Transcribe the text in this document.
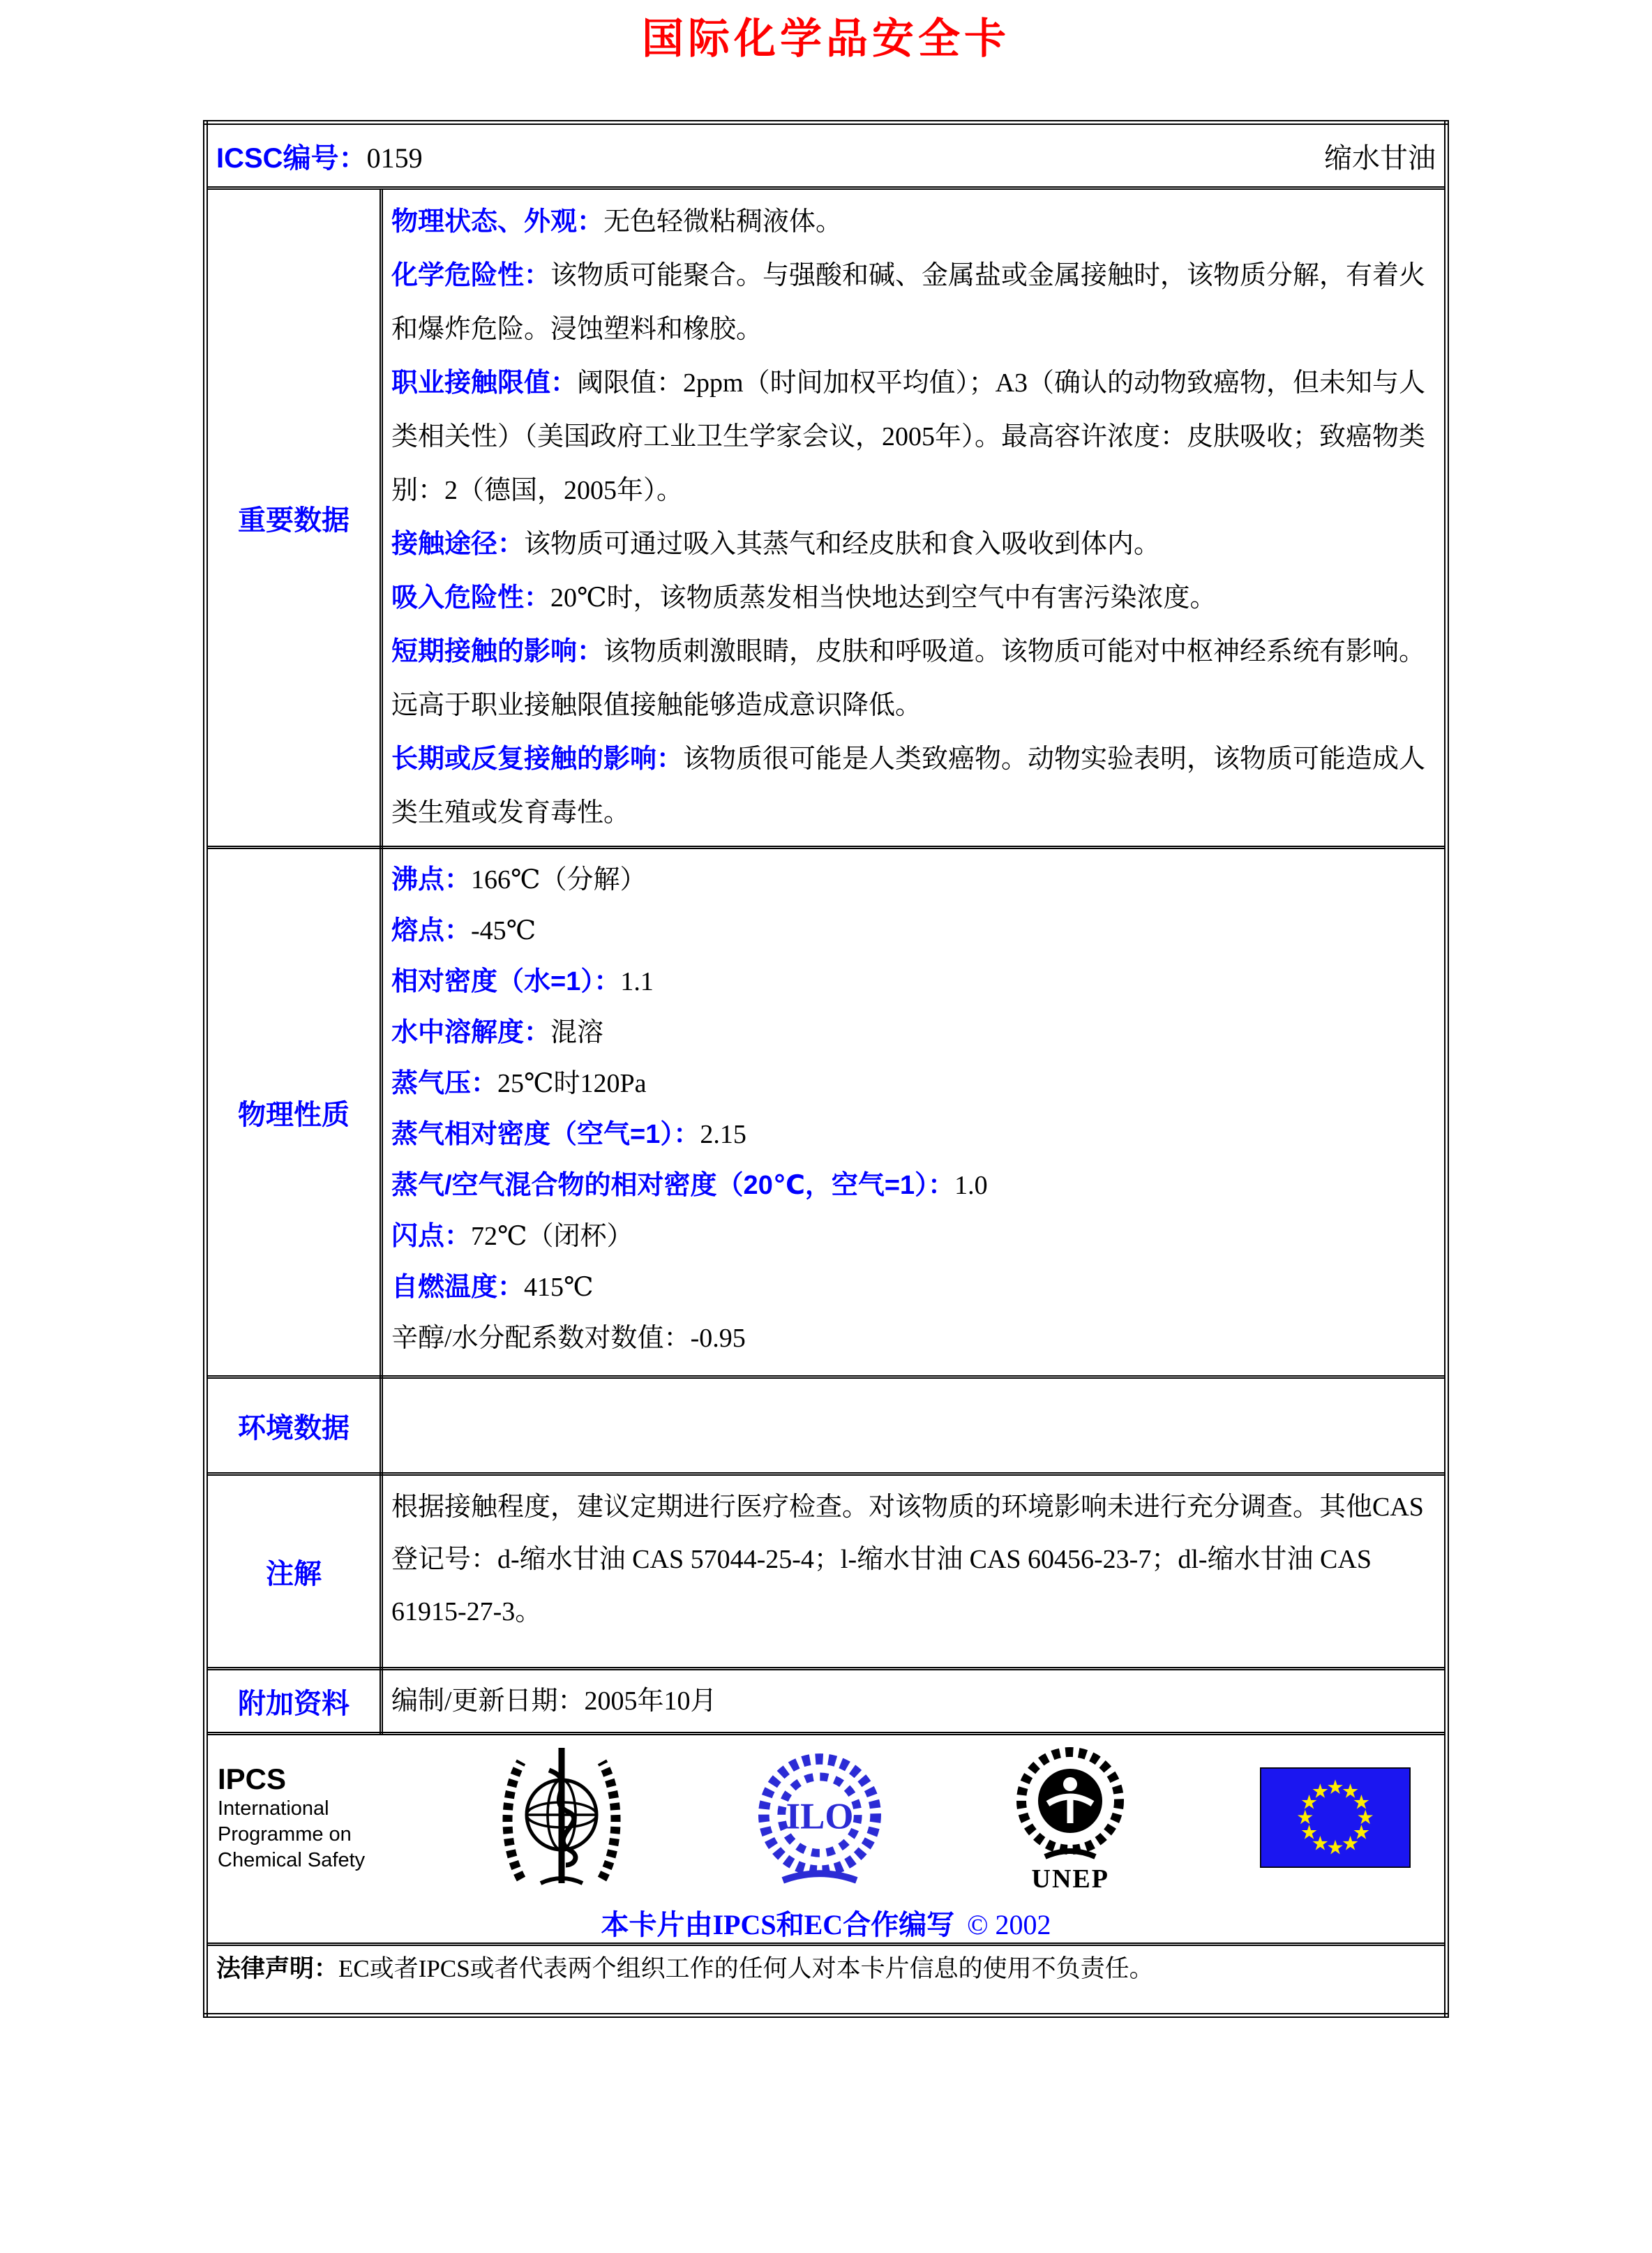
国际化学品安全卡
ICSC编号：0159 缩水甘油	

重要数据	
物理状态、外观：无色轻微粘稠液体。
化学危险性：该物质可能聚合。与强酸和碱、金属盐或金属接触时，该物质分解，有着火和爆炸危险。浸蚀塑料和橡胶。
职业接触限值：阈限值：2ppm（时间加权平均值）；A3（确认的动物致癌物，但未知与人类相关性）（美国政府工业卫生学家会议，2005年）。最高容许浓度：皮肤吸收；致癌物类别：2（德国，2005年）。
接触途径：该物质可通过吸入其蒸气和经皮肤和食入吸收到体内。
吸入危险性：20℃时，该物质蒸发相当快地达到空气中有害污染浓度。
短期接触的影响：该物质刺激眼睛，皮肤和呼吸道。该物质可能对中枢神经系统有影响。远高于职业接触限值接触能够造成意识降低。
长期或反复接触的影响：该物质很可能是人类致癌物。动物实验表明，该物质可能造成人类生殖或发育毒性。

物理性质	
沸点：166℃（分解）
熔点：-45℃
相对密度（水=1）：1.1
水中溶解度：混溶
蒸气压：25℃时120Pa
蒸气相对密度（空气=1）：2.15
蒸气/空气混合物的相对密度（20℃，空气=1）：1.0
闪点：72℃（闭杯）
自燃温度：415℃
辛醇/水分配系数对数值：-0.95

环境数据	
注解	根据接触程度，建议定期进行医疗检查。对该物质的环境影响未进行充分调查。其他CAS登记号：d-缩水甘油 CAS 57044-25-4；l-缩水甘油 CAS 60456-23-7；dl-缩水甘油 CAS 61915-27-3。
附加资料	编制/更新日期：2005年10月

IPCS
International
Programme on
Chemical Safety
ILO
UNEP
本卡片由IPCS和EC合作编写 © 2002

法律声明：EC或者IPCS或者代表两个组织工作的任何人对本卡片信息的使用不负责任。	
